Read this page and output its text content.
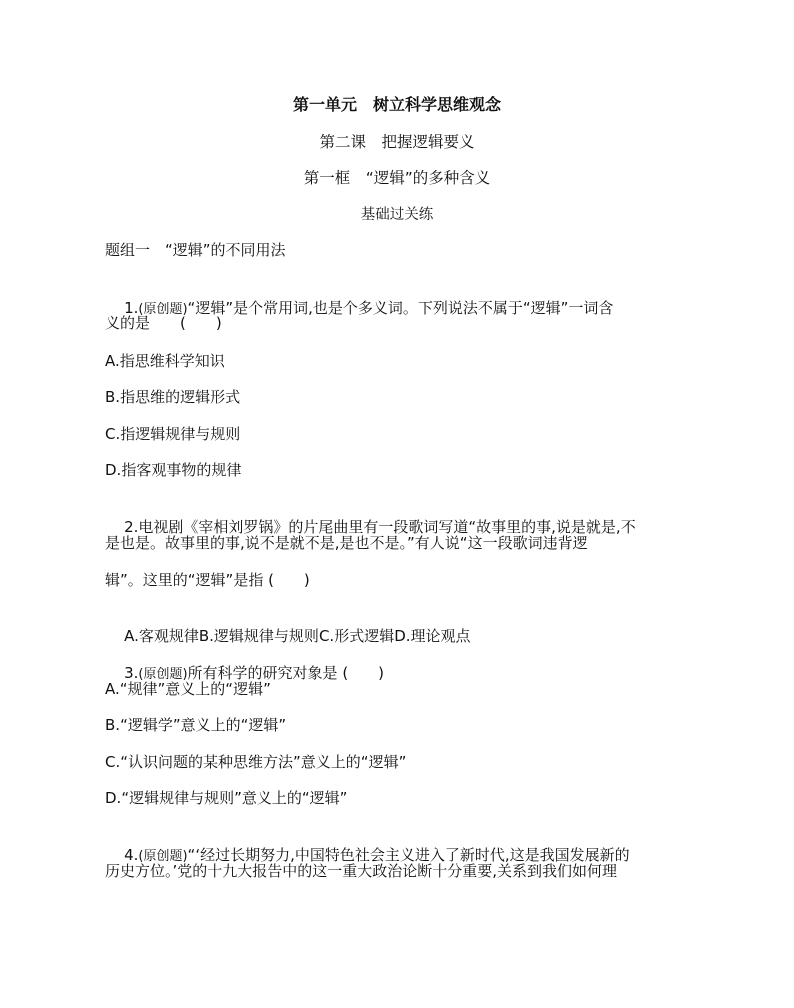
第一单元　树立科学思维观念
第二课　把握逻辑要义
第一框　“逻辑”的多种含义
基础过关练
题组一　“逻辑”的不同用法

1.(原创题)“逻辑”是个常用词,也是个多义词。下列说法不属于“逻辑”一词含

义的是　　(　　)
A.指思维科学知识
B.指思维的逻辑形式
C.指逻辑规律与规则
D.指客观事物的规律

2.电视剧《宰相刘罗锅》的片尾曲里有一段歌词写道“故事里的事,说是就是,不

是也是。故事里的事,说不是就不是,是也不是。”有人说“这一段歌词违背逻
辑”。这里的“逻辑”是指 (　　)

A.客观规律B.逻辑规律与规则C.形式逻辑D.理论观点

3.(原创题)所有科学的研究对象是 (　　)

A.“规律”意义上的“逻辑”
B.“逻辑学”意义上的“逻辑”
C.“认识问题的某种思维方法”意义上的“逻辑”
D.“逻辑规律与规则”意义上的“逻辑”

4.(原创题)“‘经过长期努力,中国特色社会主义进入了新时代,这是我国发展新的

历史方位。’党的十九大报告中的这一重大政治论断十分重要,关系到我们如何理
